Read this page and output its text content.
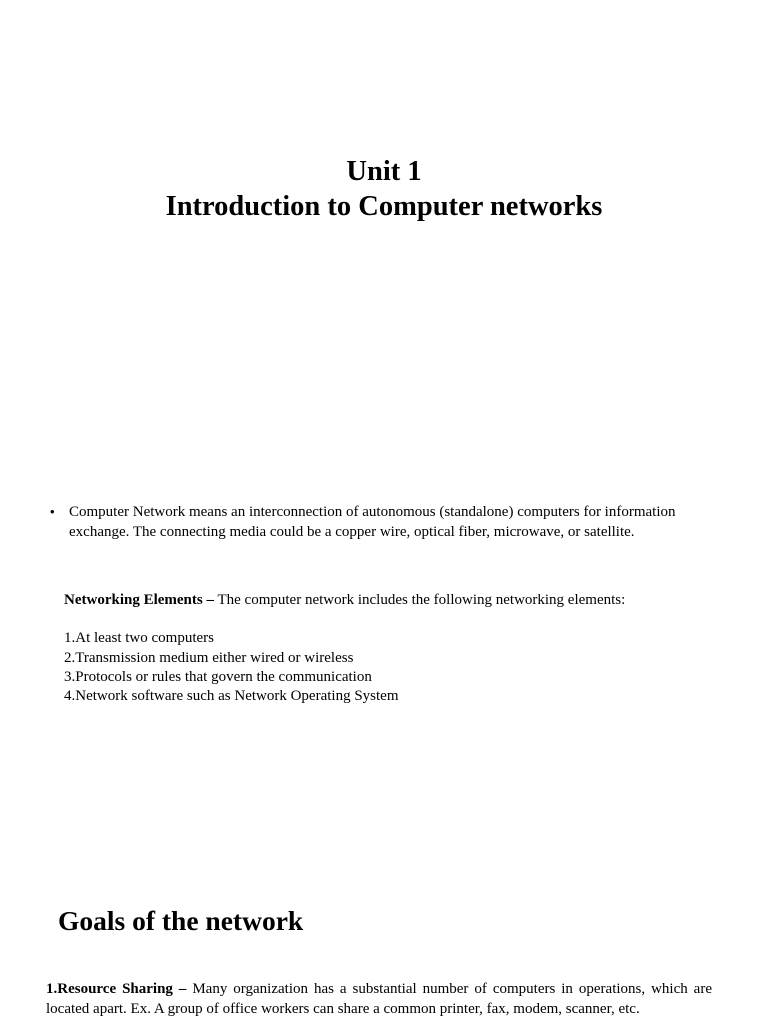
Unit 1
Introduction to Computer networks
• Computer Network means an interconnection of autonomous (standalone) computers for information exchange. The connecting media could be a copper wire, optical fiber, microwave, or satellite.
Networking Elements – The computer network includes the following networking elements:
1.At least two computers
2.Transmission medium either wired or wireless
3.Protocols or rules that govern the communication
4.Network software such as Network Operating System
Goals of the network
1.Resource Sharing – Many organization has a substantial number of computers in operations, which are located apart. Ex. A group of office workers can share a common printer, fax, modem, scanner, etc.
